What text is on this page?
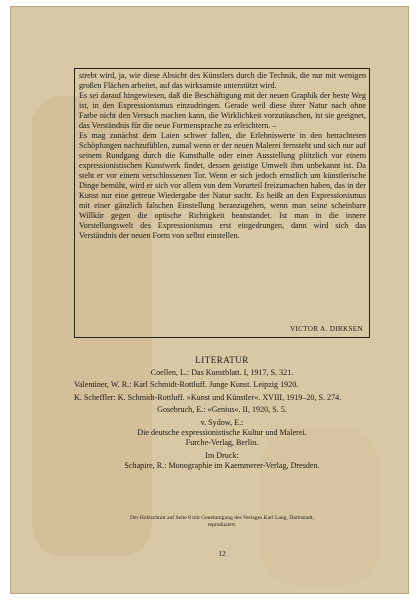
strebt wird, ja, wie diese Absicht des Künstlers durch die Technik, die nur mit wenigen großen Flächen arbeitet, auf das wirksamste unterstützt wird.

Es sei darauf hingewiesen, daß die Beschäftigung mit der neuen Graphik der beste Weg ist, in den Expressionismus einzudringen. Gerade weil diese ihrer Natur nach ohne Farbe nicht den Versuch machen kann, die Wirklichkeit vorzutäuschen, ist sie geeignet, das Verständnis für die neue Formensprache zu erleichtern. –

Es mag zunächst dem Laien schwer fallen, die Erlebniswerte in den betrachteten Schöpfungen nachzufühlen, zumal wenn er der neuen Malerei fernsteht und sich nur auf seinem Rundgang durch die Kunsthalle oder einer Ausstellung plötzlich vor einem expressionistischen Kunstwerk findet, dessen geistige Umwelt ihm unbekannt ist. Da steht er vor einem verschlossenen Tor. Wenn er sich jedoch ernstlich um künstlerische Dinge bemüht, wird er sich vor allem von dem Vorurteil freizumachen haben, das in der Kunst nur eine getreue Wiedergabe der Natur sucht. Es heißt an den Expressionismus mit einer gänzlich falschen Einstellung heranzugehen, wenn man seine scheinbare Willkür gegen die optische Richtigkeit beanstandet. Ist man in die innere Vorstellungswelt des Expressionismus erst eingedrungen, dann wird sich das Verständnis der neuen Form von selbst einstellen.

VICTOR A. DIRKSEN
LITERATUR
Coellen, L.: Das Kunstblatt. I, 1917, S. 321.
Valentiner, W. R.: Karl Schmidt-Rottluff. Junge Kunst. Leipzig 1920.
K. Scheffler: K. Schmidt-Rottluff. »Kunst und Künstler«. XVIII, 1919–20, S. 274.
Gosebruch, E.: »Genius«. II, 1920, S. 5.
v. Sydow, E.:
Die deutsche expressionistische Kultur und Malerei.
Furche-Verlag, Berlin.
Im Druck:
Schapire, R.: Monographie im Kaemmerer-Verlag, Dresden.
Der Holzschnitt auf Seite 8 mit Genehmigung des Verlages Karl Lang, Darmstadt,
reproduziert.
12
